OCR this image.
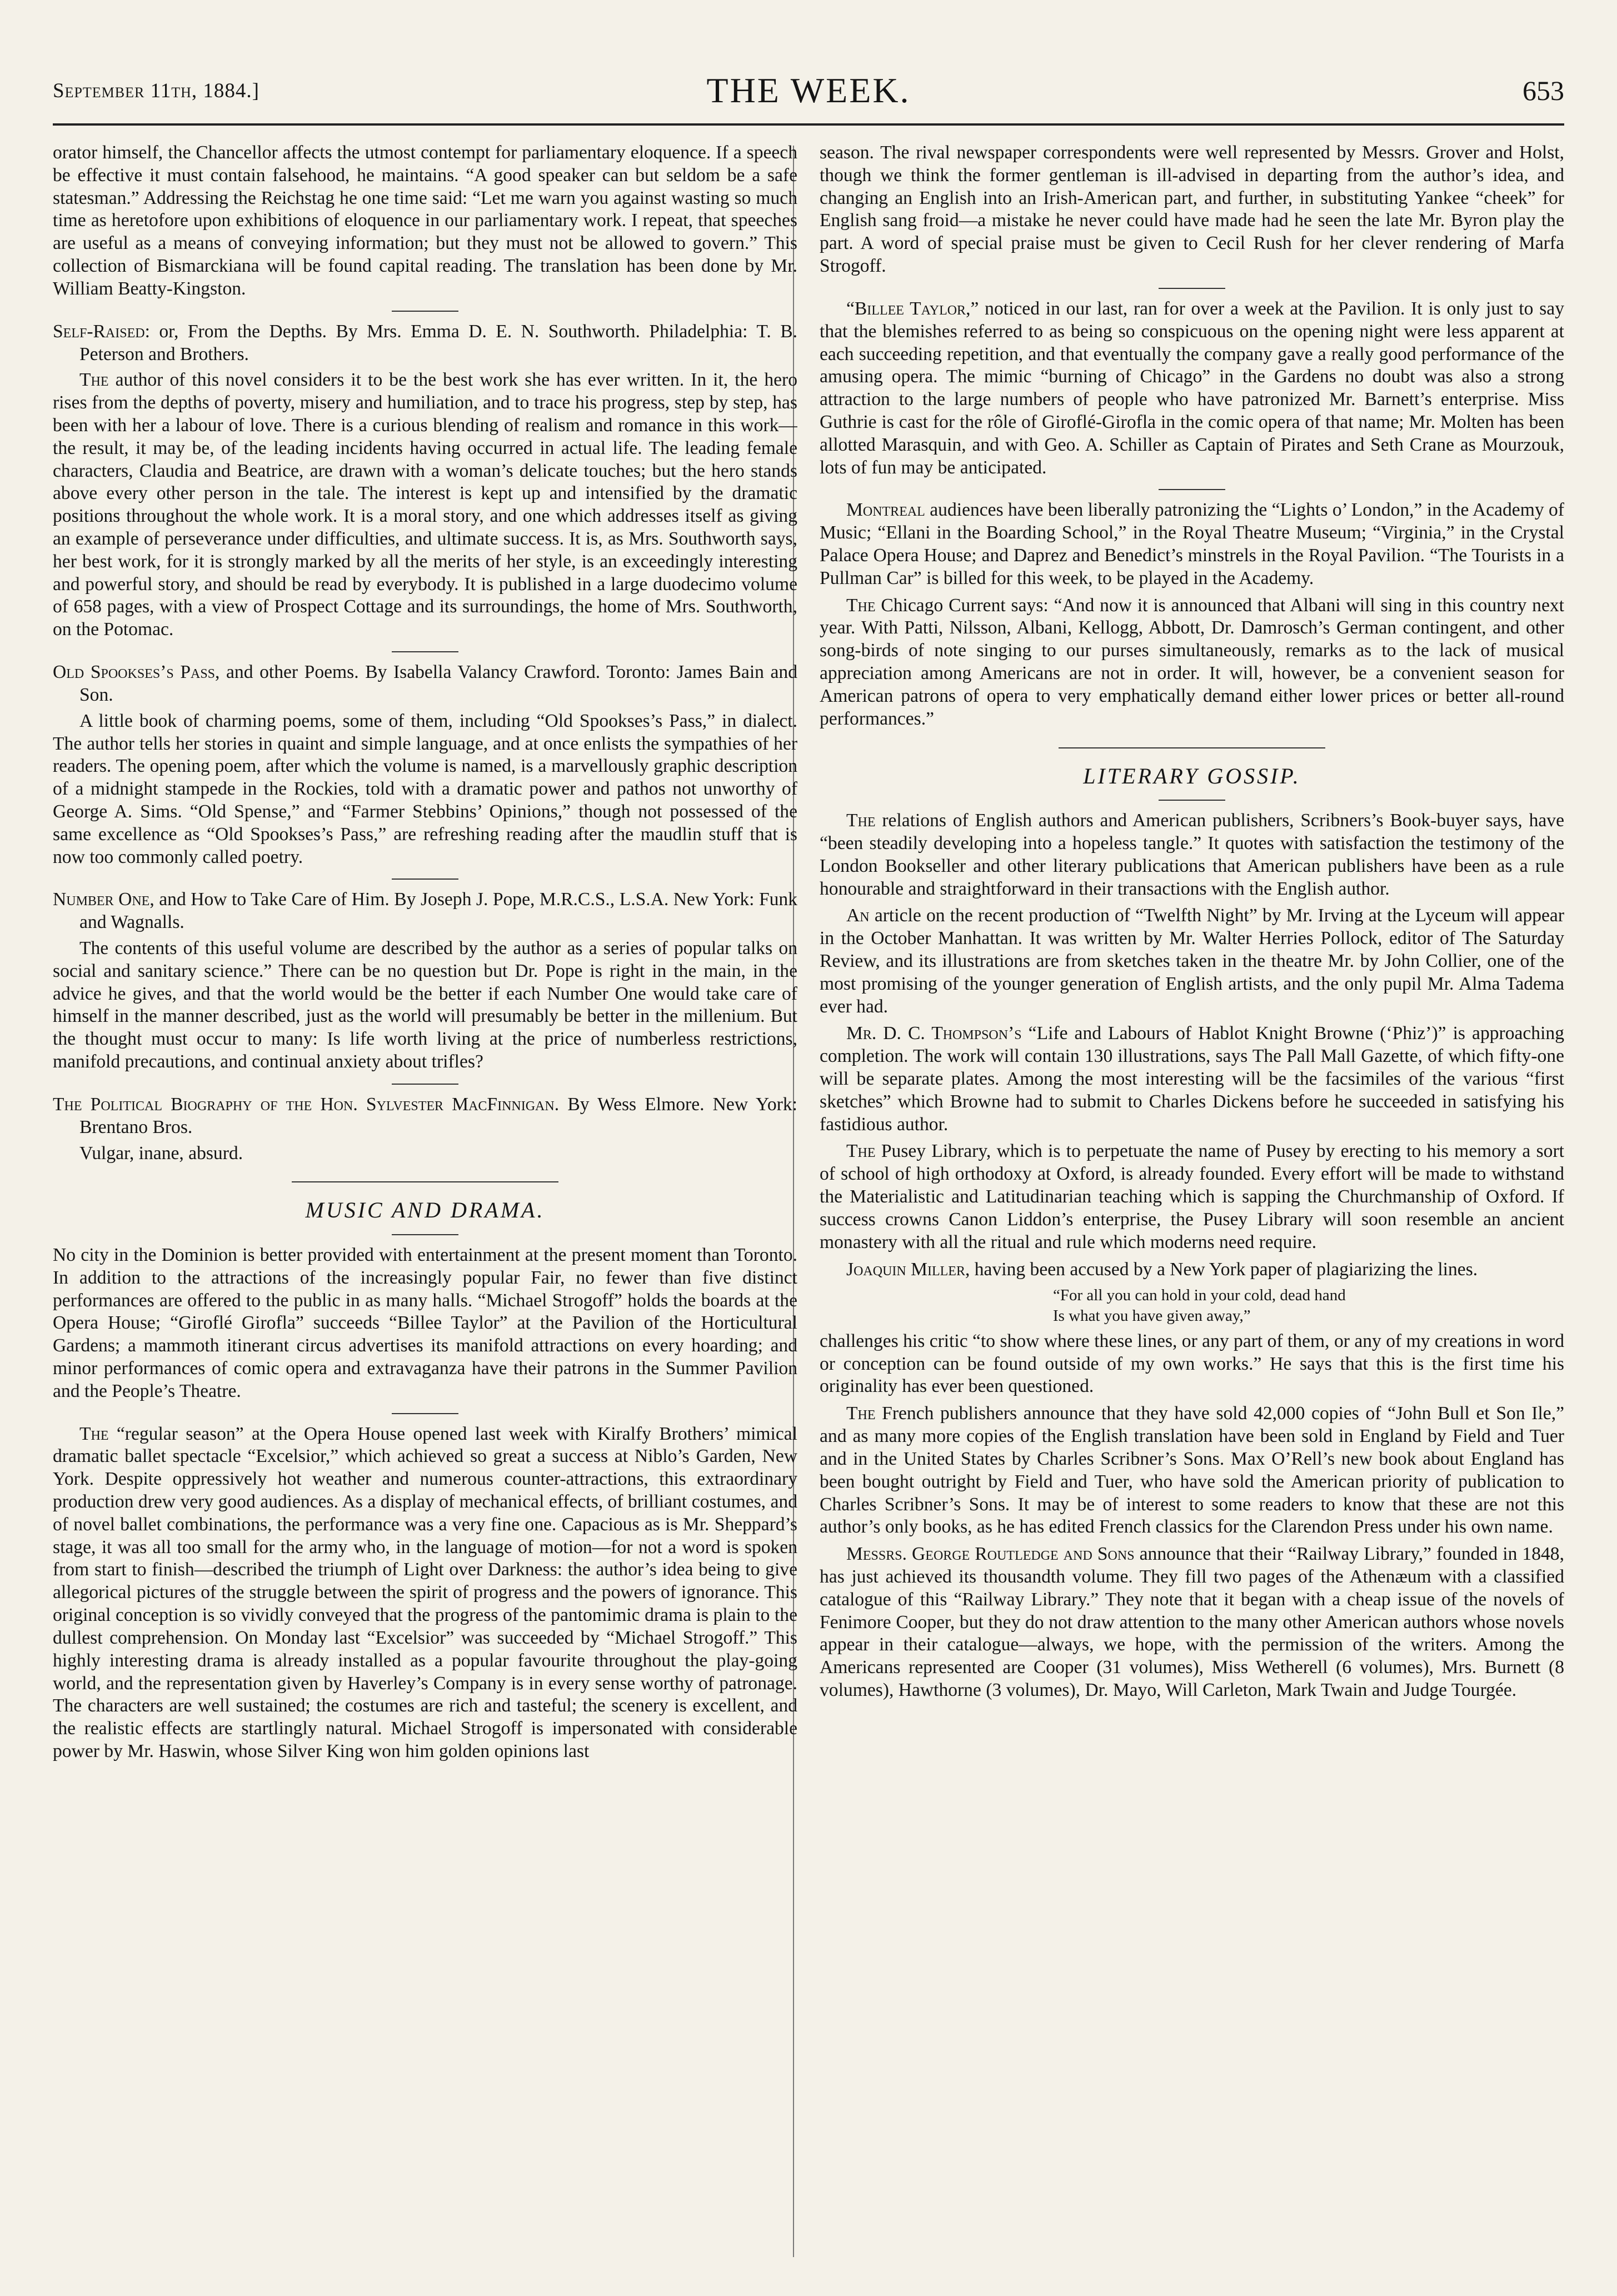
September 11th, 1884.]	THE WEEK.	653

orator himself, the Chancellor affects the utmost contempt for parliamentary eloquence. If a speech be effective it must contain falsehood, he maintains. “A good speaker can but seldom be a safe statesman.” Addressing the Reichstag he one time said: “Let me warn you against wasting so much time as heretofore upon exhibitions of eloquence in our parliamentary work. I repeat, that speeches are useful as a means of conveying information; but they must not be allowed to govern.” This collection of Bismarckiana will be found capital reading. The translation has been done by Mr. William Beatty-Kingston.

Self-Raised: or, From the Depths. By Mrs. Emma D. E. N. Southworth. Philadelphia: T. B. Peterson and Brothers.

The author of this novel considers it to be the best work she has ever written. In it, the hero rises from the depths of poverty, misery and humiliation, and to trace his progress, step by step, has been with her a labour of love. There is a curious blending of realism and romance in this work—the result, it may be, of the leading incidents having occurred in actual life. The leading female characters, Claudia and Beatrice, are drawn with a woman’s delicate touches; but the hero stands above every other person in the tale. The interest is kept up and intensified by the dramatic positions throughout the whole work. It is a moral story, and one which addresses itself as giving an example of perseverance under difficulties, and ultimate success. It is, as Mrs. Southworth says, her best work, for it is strongly marked by all the merits of her style, is an exceedingly interesting and powerful story, and should be read by everybody. It is published in a large duodecimo volume of 658 pages, with a view of Prospect Cottage and its surroundings, the home of Mrs. Southworth, on the Potomac.

Old Spookses’s Pass, and other Poems. By Isabella Valancy Crawford. Toronto: James Bain and Son.

A little book of charming poems, some of them, including “Old Spookses’s Pass,” in dialect. The author tells her stories in quaint and simple language, and at once enlists the sympathies of her readers. The opening poem, after which the volume is named, is a marvellously graphic description of a midnight stampede in the Rockies, told with a dramatic power and pathos not unworthy of George A. Sims. “Old Spense,” and “Farmer Stebbins’ Opinions,” though not possessed of the same excellence as “Old Spookses’s Pass,” are refreshing reading after the maudlin stuff that is now too commonly called poetry.

Number One, and How to Take Care of Him. By Joseph J. Pope, M.R.C.S., L.S.A. New York: Funk and Wagnalls.

The contents of this useful volume are described by the author as a series of popular talks on social and sanitary science.” There can be no question but Dr. Pope is right in the main, in the advice he gives, and that the world would be the better if each Number One would take care of himself in the manner described, just as the world will presumably be better in the millenium. But the thought must occur to many: Is life worth living at the price of numberless restrictions, manifold precautions, and continual anxiety about trifles?

The Political Biography of the Hon. Sylvester MacFinnigan. By Wess Elmore. New York: Brentano Bros.

Vulgar, inane, absurd.

MUSIC AND DRAMA.

No city in the Dominion is better provided with entertainment at the present moment than Toronto. In addition to the attractions of the increasingly popular Fair, no fewer than five distinct performances are offered to the public in as many halls. “Michael Strogoff” holds the boards at the Opera House; “Giroflé Girofla” succeeds “Billee Taylor” at the Pavilion of the Horticultural Gardens; a mammoth itinerant circus advertises its manifold attractions on every hoarding; and minor performances of comic opera and extravaganza have their patrons in the Summer Pavilion and the People’s Theatre.

The “regular season” at the Opera House opened last week with Kiralfy Brothers’ mimical dramatic ballet spectacle “Excelsior,” which achieved so great a success at Niblo’s Garden, New York. Despite oppressively hot weather and numerous counter-attractions, this extraordinary production drew very good audiences. As a display of mechanical effects, of brilliant costumes, and of novel ballet combinations, the performance was a very fine one. Capacious as is Mr. Sheppard’s stage, it was all too small for the army who, in the language of motion—for not a word is spoken from start to finish—described the triumph of Light over Darkness: the author’s idea being to give allegorical pictures of the struggle between the spirit of progress and the powers of ignorance. This original conception is so vividly conveyed that the progress of the pantomimic drama is plain to the dullest comprehension. On Monday last “Excelsior” was succeeded by “Michael Strogoff.” This highly interesting drama is already installed as a popular favourite throughout the play-going world, and the representation given by Haverley’s Company is in every sense worthy of patronage. The characters are well sustained; the costumes are rich and tasteful; the scenery is excellent, and the realistic effects are startlingly natural. Michael Strogoff is impersonated with considerable power by Mr. Haswin, whose Silver King won him golden opinions last

season. The rival newspaper correspondents were well represented by Messrs. Grover and Holst, though we think the former gentleman is ill-advised in departing from the author’s idea, and changing an English into an Irish-American part, and further, in substituting Yankee “cheek” for English sang froid—a mistake he never could have made had he seen the late Mr. Byron play the part. A word of special praise must be given to Cecil Rush for her clever rendering of Marfa Strogoff.

“Billee Taylor,” noticed in our last, ran for over a week at the Pavilion. It is only just to say that the blemishes referred to as being so conspicuous on the opening night were less apparent at each succeeding repetition, and that eventually the company gave a really good performance of the amusing opera. The mimic “burning of Chicago” in the Gardens no doubt was also a strong attraction to the large numbers of people who have patronized Mr. Barnett’s enterprise. Miss Guthrie is cast for the rôle of Giroflé-Girofla in the comic opera of that name; Mr. Molten has been allotted Marasquin, and with Geo. A. Schiller as Captain of Pirates and Seth Crane as Mourzouk, lots of fun may be anticipated.

Montreal audiences have been liberally patronizing the “Lights o’ London,” in the Academy of Music; “Ellani in the Boarding School,” in the Royal Theatre Museum; “Virginia,” in the Crystal Palace Opera House; and Daprez and Benedict’s minstrels in the Royal Pavilion. “The Tourists in a Pullman Car” is billed for this week, to be played in the Academy.

The Chicago Current says: “And now it is announced that Albani will sing in this country next year. With Patti, Nilsson, Albani, Kellogg, Abbott, Dr. Damrosch’s German contingent, and other song-birds of note singing to our purses simultaneously, remarks as to the lack of musical appreciation among Americans are not in order. It will, however, be a convenient season for American patrons of opera to very emphatically demand either lower prices or better all-round performances.”

LITERARY GOSSIP.

The relations of English authors and American publishers, Scribners’s Book-buyer says, have “been steadily developing into a hopeless tangle.” It quotes with satisfaction the testimony of the London Bookseller and other literary publications that American publishers have been as a rule honourable and straightforward in their transactions with the English author.

An article on the recent production of “Twelfth Night” by Mr. Irving at the Lyceum will appear in the October Manhattan. It was written by Mr. Walter Herries Pollock, editor of The Saturday Review, and its illustrations are from sketches taken in the theatre Mr. by John Collier, one of the most promising of the younger generation of English artists, and the only pupil Mr. Alma Tadema ever had.

Mr. D. C. Thompson’s “Life and Labours of Hablot Knight Browne (‘Phiz’)” is approaching completion. The work will contain 130 illustrations, says The Pall Mall Gazette, of which fifty-one will be separate plates. Among the most interesting will be the facsimiles of the various “first sketches” which Browne had to submit to Charles Dickens before he succeeded in satisfying his fastidious author.

The Pusey Library, which is to perpetuate the name of Pusey by erecting to his memory a sort of school of high orthodoxy at Oxford, is already founded. Every effort will be made to withstand the Materialistic and Latitudinarian teaching which is sapping the Churchmanship of Oxford. If success crowns Canon Liddon’s enterprise, the Pusey Library will soon resemble an ancient monastery with all the ritual and rule which moderns need require.

Joaquin Miller, having been accused by a New York paper of plagiarizing the lines.

“For all you can hold in your cold, dead hand
Is what you have given away,”

challenges his critic “to show where these lines, or any part of them, or any of my creations in word or conception can be found outside of my own works.” He says that this is the first time his originality has ever been questioned.

The French publishers announce that they have sold 42,000 copies of “John Bull et Son Ile,” and as many more copies of the English translation have been sold in England by Field and Tuer and in the United States by Charles Scribner’s Sons. Max O’Rell’s new book about England has been bought outright by Field and Tuer, who have sold the American priority of publication to Charles Scribner’s Sons. It may be of interest to some readers to know that these are not this author’s only books, as he has edited French classics for the Clarendon Press under his own name.

Messrs. George Routledge and Sons announce that their “Railway Library,” founded in 1848, has just achieved its thousandth volume. They fill two pages of the Athenæum with a classified catalogue of this “Railway Library.” They note that it began with a cheap issue of the novels of Fenimore Cooper, but they do not draw attention to the many other American authors whose novels appear in their catalogue—always, we hope, with the permission of the writers. Among the Americans represented are Cooper (31 volumes), Miss Wetherell (6 volumes), Mrs. Burnett (8 volumes), Hawthorne (3 volumes), Dr. Mayo, Will Carleton, Mark Twain and Judge Tourgée.
